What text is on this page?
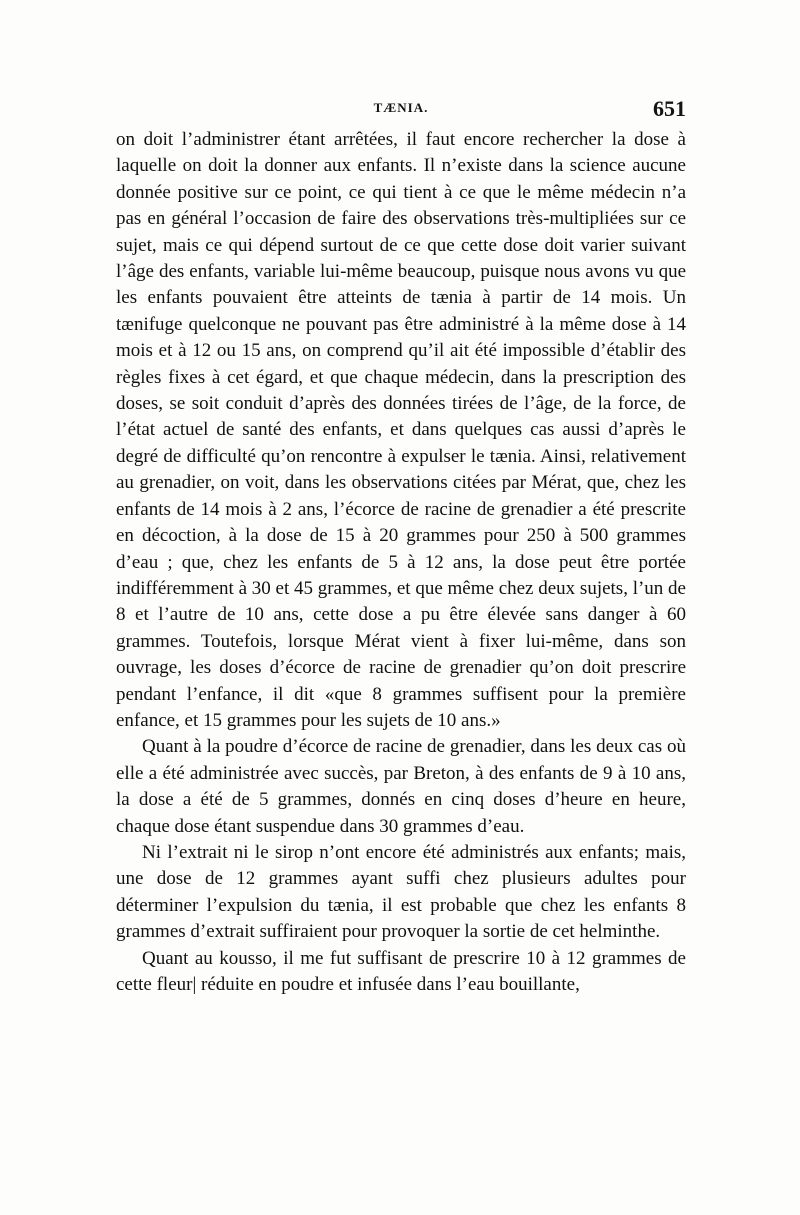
TÆNIA.	651

on doit l’administrer étant arrêtées, il faut encore rechercher la dose à laquelle on doit la donner aux enfants. Il n’existe dans la science aucune donnée positive sur ce point, ce qui tient à ce que le même médecin n’a pas en général l’occasion de faire des observations très-multipliées sur ce sujet, mais ce qui dépend surtout de ce que cette dose doit varier suivant l’âge des enfants, variable lui-même beaucoup, puisque nous avons vu que les enfants pouvaient être atteints de tænia à partir de 14 mois. Un tænifuge quelconque ne pouvant pas être administré à la même dose à 14 mois et à 12 ou 15 ans, on comprend qu’il ait été impossible d’établir des règles fixes à cet égard, et que chaque médecin, dans la prescription des doses, se soit conduit d’après des données tirées de l’âge, de la force, de l’état actuel de santé des enfants, et dans quelques cas aussi d’après le degré de difficulté qu’on rencontre à expulser le tænia. Ainsi, relativement au grenadier, on voit, dans les observations citées par Mérat, que, chez les enfants de 14 mois à 2 ans, l’écorce de racine de grenadier a été prescrite en décoction, à la dose de 15 à 20 grammes pour 250 à 500 grammes d’eau ; que, chez les enfants de 5 à 12 ans, la dose peut être portée indifféremment à 30 et 45 grammes, et que même chez deux sujets, l’un de 8 et l’autre de 10 ans, cette dose a pu être élevée sans danger à 60 grammes. Toutefois, lorsque Mérat vient à fixer lui-même, dans son ouvrage, les doses d’écorce de racine de grenadier qu’on doit prescrire pendant l’enfance, il dit «que 8 grammes suffisent pour la première enfance, et 15 grammes pour les sujets de 10 ans.»

Quant à la poudre d’écorce de racine de grenadier, dans les deux cas où elle a été administrée avec succès, par Breton, à des enfants de 9 à 10 ans, la dose a été de 5 grammes, donnés en cinq doses d’heure en heure, chaque dose étant suspendue dans 30 grammes d’eau.

Ni l’extrait ni le sirop n’ont encore été administrés aux enfants; mais, une dose de 12 grammes ayant suffi chez plusieurs adultes pour déterminer l’expulsion du tænia, il est probable que chez les enfants 8 grammes d’extrait suffiraient pour provoquer la sortie de cet helminthe.

Quant au kousso, il me fut suffisant de prescrire 10 à 12 grammes de cette fleur| réduite en poudre et infusée dans l’eau bouillante,
